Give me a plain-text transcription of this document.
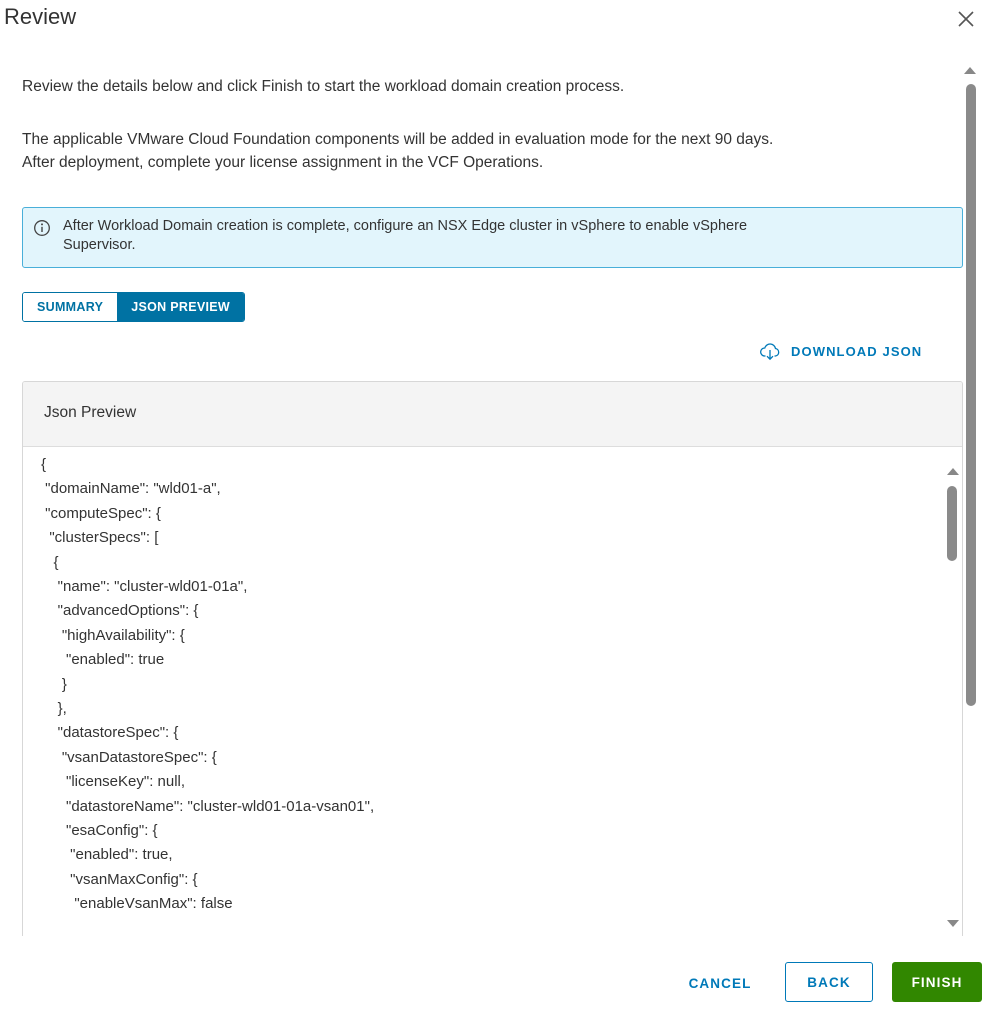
Review
Review the details below and click Finish to start the workload domain creation process.
The applicable VMware Cloud Foundation components will be added in evaluation mode for the next 90 days.
After deployment, complete your license assignment in the VCF Operations.
After Workload Domain creation is complete, configure an NSX Edge cluster in vSphere to enable vSphere
Supervisor.
SUMMARY	JSON PREVIEW
DOWNLOAD JSON
Json Preview
{
"domainName": "wld01-a",
"computeSpec": {
"clusterSpecs": [
{
"name": "cluster-wld01-01a",
"advancedOptions": {
"highAvailability": {
"enabled": true
}
},
"datastoreSpec": {
"vsanDatastoreSpec": {
"licenseKey": null,
"datastoreName": "cluster-wld01-01a-vsan01",
"esaConfig": {
"enabled": true,
"vsanMaxConfig": {
"enableVsanMax": false
CANCEL	BACK	FINISH
